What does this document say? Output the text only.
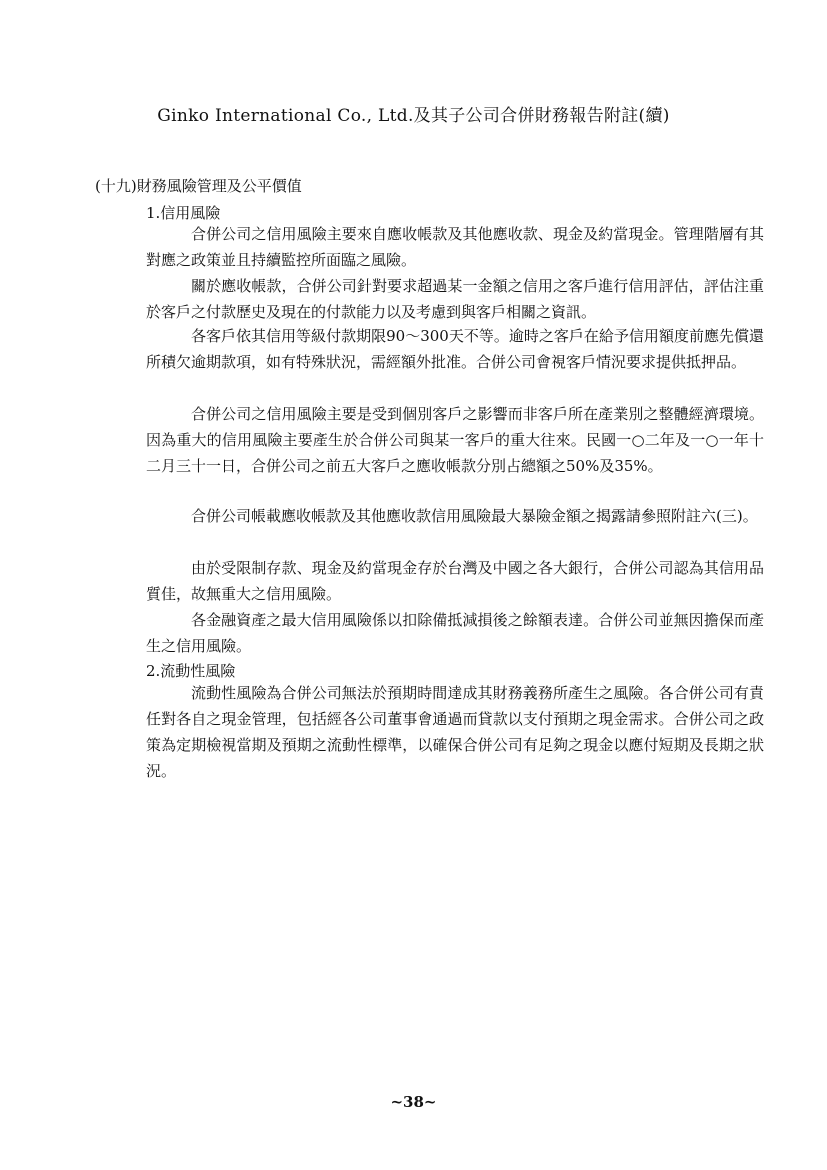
Ginko International Co., Ltd.及其子公司合併財務報告附註(續)
(十九)財務風險管理及公平價值
1.信用風險

合併公司之信用風險主要來自應收帳款及其他應收款、現金及約當現金。管理階層有其對應之政策並且持續監控所面臨之風險。

關於應收帳款，合併公司針對要求超過某一金額之信用之客戶進行信用評估，評估注重於客戶之付款歷史及現在的付款能力以及考慮到與客戶相關之資訊。

各客戶依其信用等級付款期限90～300天不等。逾時之客戶在給予信用額度前應先償還所積欠逾期款項，如有特殊狀況，需經額外批准。合併公司會視客戶情況要求提供抵押品。

合併公司之信用風險主要是受到個別客戶之影響而非客戶所在產業別之整體經濟環境。因為重大的信用風險主要產生於合併公司與某一客戶的重大往來。民國一○二年及一○一年十二月三十一日，合併公司之前五大客戶之應收帳款分別占總額之50%及35%。

合併公司帳載應收帳款及其他應收款信用風險最大暴險金額之揭露請參照附註六(三)。

由於受限制存款、現金及約當現金存於台灣及中國之各大銀行，合併公司認為其信用品質佳，故無重大之信用風險。

各金融資產之最大信用風險係以扣除備抵減損後之餘額表達。合併公司並無因擔保而產生之信用風險。

2.流動性風險

流動性風險為合併公司無法於預期時間達成其財務義務所產生之風險。各合併公司有責任對各自之現金管理，包括經各公司董事會通過而貸款以支付預期之現金需求。合併公司之政策為定期檢視當期及預期之流動性標準，以確保合併公司有足夠之現金以應付短期及長期之狀況。

~38~
